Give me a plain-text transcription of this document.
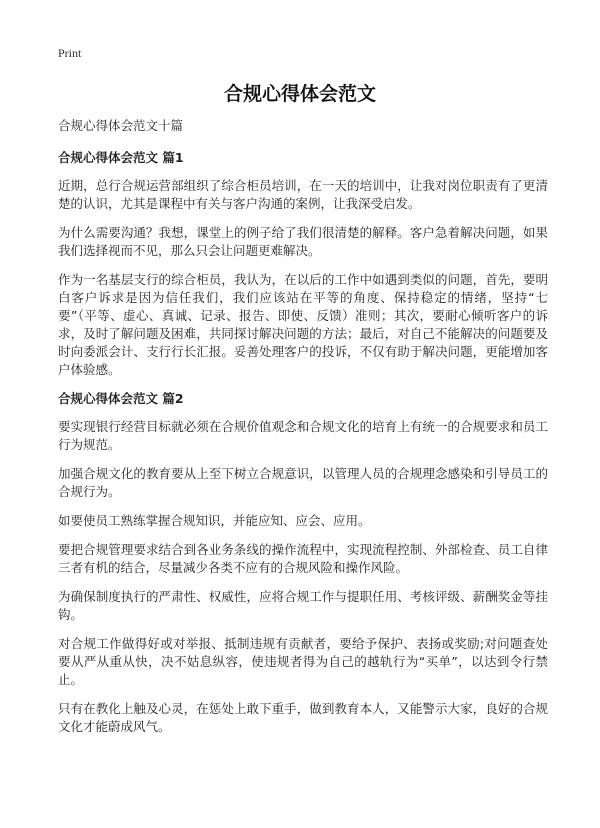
Print
合规心得体会范文

合规心得体会范文十篇

合规心得体会范文 篇1

近期，总行合规运营部组织了综合柜员培训，在一天的培训中，让我对岗位职责有了更清楚的认识，尤其是课程中有关与客户沟通的案例，让我深受启发。

为什么需要沟通？我想，课堂上的例子给了我们很清楚的解释。客户急着解决问题，如果我们选择视而不见，那么只会让问题更难解决。

作为一名基层支行的综合柜员，我认为，在以后的工作中如遇到类似的问题，首先，要明白客户诉求是因为信任我们，我们应该站在平等的角度、保持稳定的情绪，坚持“七要”（平等、虚心、真诚、记录、报告、即使、反馈）准则；其次，要耐心倾听客户的诉求，及时了解问题及困难，共同探讨解决问题的方法；最后，对自己不能解决的问题要及时向委派会计、支行行长汇报。妥善处理客户的投诉，不仅有助于解决问题，更能增加客户体验感。

合规心得体会范文 篇2

要实现银行经营目标就必须在合规价值观念和合规文化的培育上有统一的合规要求和员工行为规范。

加强合规文化的教育要从上至下树立合规意识，以管理人员的合规理念感染和引导员工的合规行为。

如要使员工熟练掌握合规知识，并能应知、应会、应用。

要把合规管理要求结合到各业务条线的操作流程中，实现流程控制、外部检查、员工自律三者有机的结合，尽量减少各类不应有的合规风险和操作风险。

为确保制度执行的严肃性、权威性，应将合规工作与提职任用、考核评级、薪酬奖金等挂钩。

对合规工作做得好或对举报、抵制违规有贡献者，要给予保护、表扬或奖励;对问题查处要从严从重从快，决不姑息纵容，使违规者得为自己的越轨行为“买单”，以达到令行禁止。

只有在教化上触及心灵，在惩处上敢下重手，做到教育本人，又能警示大家，良好的合规文化才能蔚成风气。
